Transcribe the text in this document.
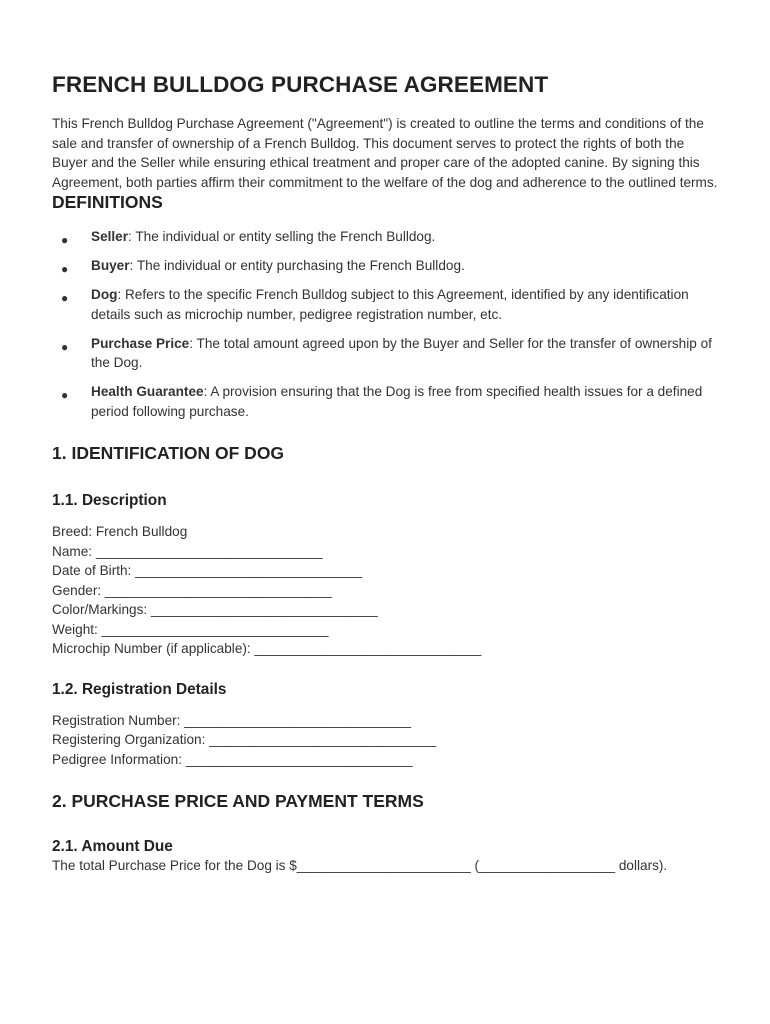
FRENCH BULLDOG PURCHASE AGREEMENT

This French Bulldog Purchase Agreement ("Agreement") is created to outline the terms and conditions of the sale and transfer of ownership of a French Bulldog. This document serves to protect the rights of both the Buyer and the Seller while ensuring ethical treatment and proper care of the adopted canine. By signing this Agreement, both parties affirm their commitment to the welfare of the dog and adherence to the outlined terms.

DEFINITIONS
● Seller: The individual or entity selling the French Bulldog.
● Buyer: The individual or entity purchasing the French Bulldog.
● Dog: Refers to the specific French Bulldog subject to this Agreement, identified by any identification details such as microchip number, pedigree registration number, etc.
● Purchase Price: The total amount agreed upon by the Buyer and Seller for the transfer of ownership of the Dog.
● Health Guarantee: A provision ensuring that the Dog is free from specified health issues for a defined period following purchase.
1. IDENTIFICATION OF DOG
1.1. Description
Breed: French Bulldog
Name: ______________________________
Date of Birth: ______________________________
Gender: ______________________________
Color/Markings: ______________________________
Weight: ______________________________
Microchip Number (if applicable): ______________________________
1.2. Registration Details
Registration Number: ______________________________
Registering Organization: ______________________________
Pedigree Information: ______________________________
2. PURCHASE PRICE AND PAYMENT TERMS
2.1. Amount Due

The total Purchase Price for the Dog is $_______________________ (__________________ dollars).
